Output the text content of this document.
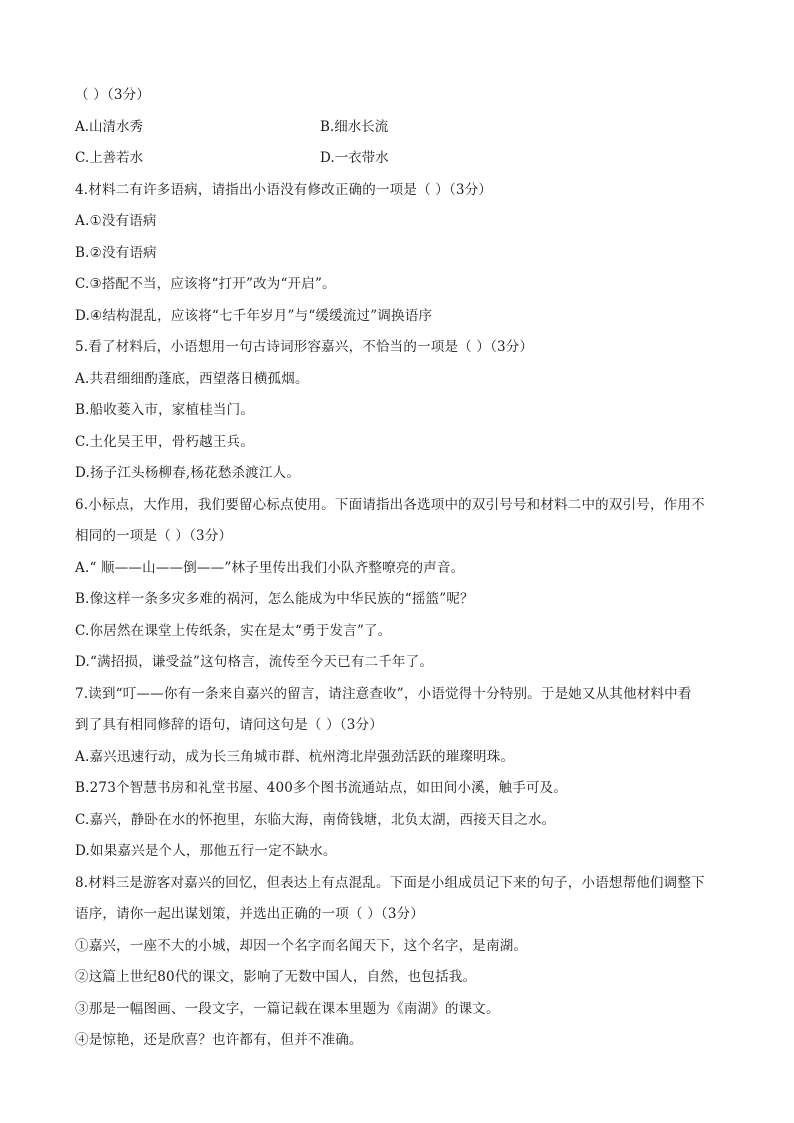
（ ）（3分）
A.山清水秀	B.细水长流
C.上善若水	D.一衣带水
4.材料二有许多语病，请指出小语没有修改正确的一项是（ ）（3分）
A.①没有语病
B.②没有语病
C.③搭配不当，应该将“打开”改为“开启”。
D.④结构混乱，应该将“七千年岁月”与“缓缓流过”调换语序
5.看了材料后，小语想用一句古诗词形容嘉兴，不恰当的一项是（ ）（3分）
A.共君细细酌蓬底，西望落日横孤烟。
B.船收菱入市，家植桂当门。
C.土化吴王甲，骨朽越王兵。
D.扬子江头杨柳春,杨花愁杀渡江人。
6.小标点，大作用，我们要留心标点使用。下面请指出各选项中的双引号号和材料二中的双引号，作用不
相同的一项是（ ）（3分）
A.“ 顺——山——倒——”林子里传出我们小队齐整嘹亮的声音。
B.像这样一条多灾多难的祸河，怎么能成为中华民族的“摇篮”呢？
C.你居然在课堂上传纸条，实在是太“勇于发言”了。
D.“满招损，谦受益”这句格言，流传至今天已有二千年了。
7.读到“叮——你有一条来自嘉兴的留言，请注意查收”，小语觉得十分特别。于是她又从其他材料中看
到了具有相同修辞的语句，请问这句是（ ）（3分）
A.嘉兴迅速行动，成为长三角城市群、杭州湾北岸强劲活跃的璀璨明珠。
B.273个智慧书房和礼堂书屋、400多个图书流通站点，如田间小溪，触手可及。
C.嘉兴，静卧在水的怀抱里，东临大海，南倚钱塘，北负太湖，西接天目之水。
D.如果嘉兴是个人，那他五行一定不缺水。
8.材料三是游客对嘉兴的回忆，但表达上有点混乱。下面是小组成员记下来的句子，小语想帮他们调整下
语序，请你一起出谋划策，并选出正确的一项（ ）（3分）
①嘉兴，一座不大的小城，却因一个名字而名闻天下，这个名字，是南湖。
②这篇上世纪80代的课文，影响了无数中国人，自然，也包括我。
③那是一幅图画、一段文字，一篇记载在课本里题为《南湖》的课文。
④是惊艳，还是欣喜？也许都有，但并不准确。
